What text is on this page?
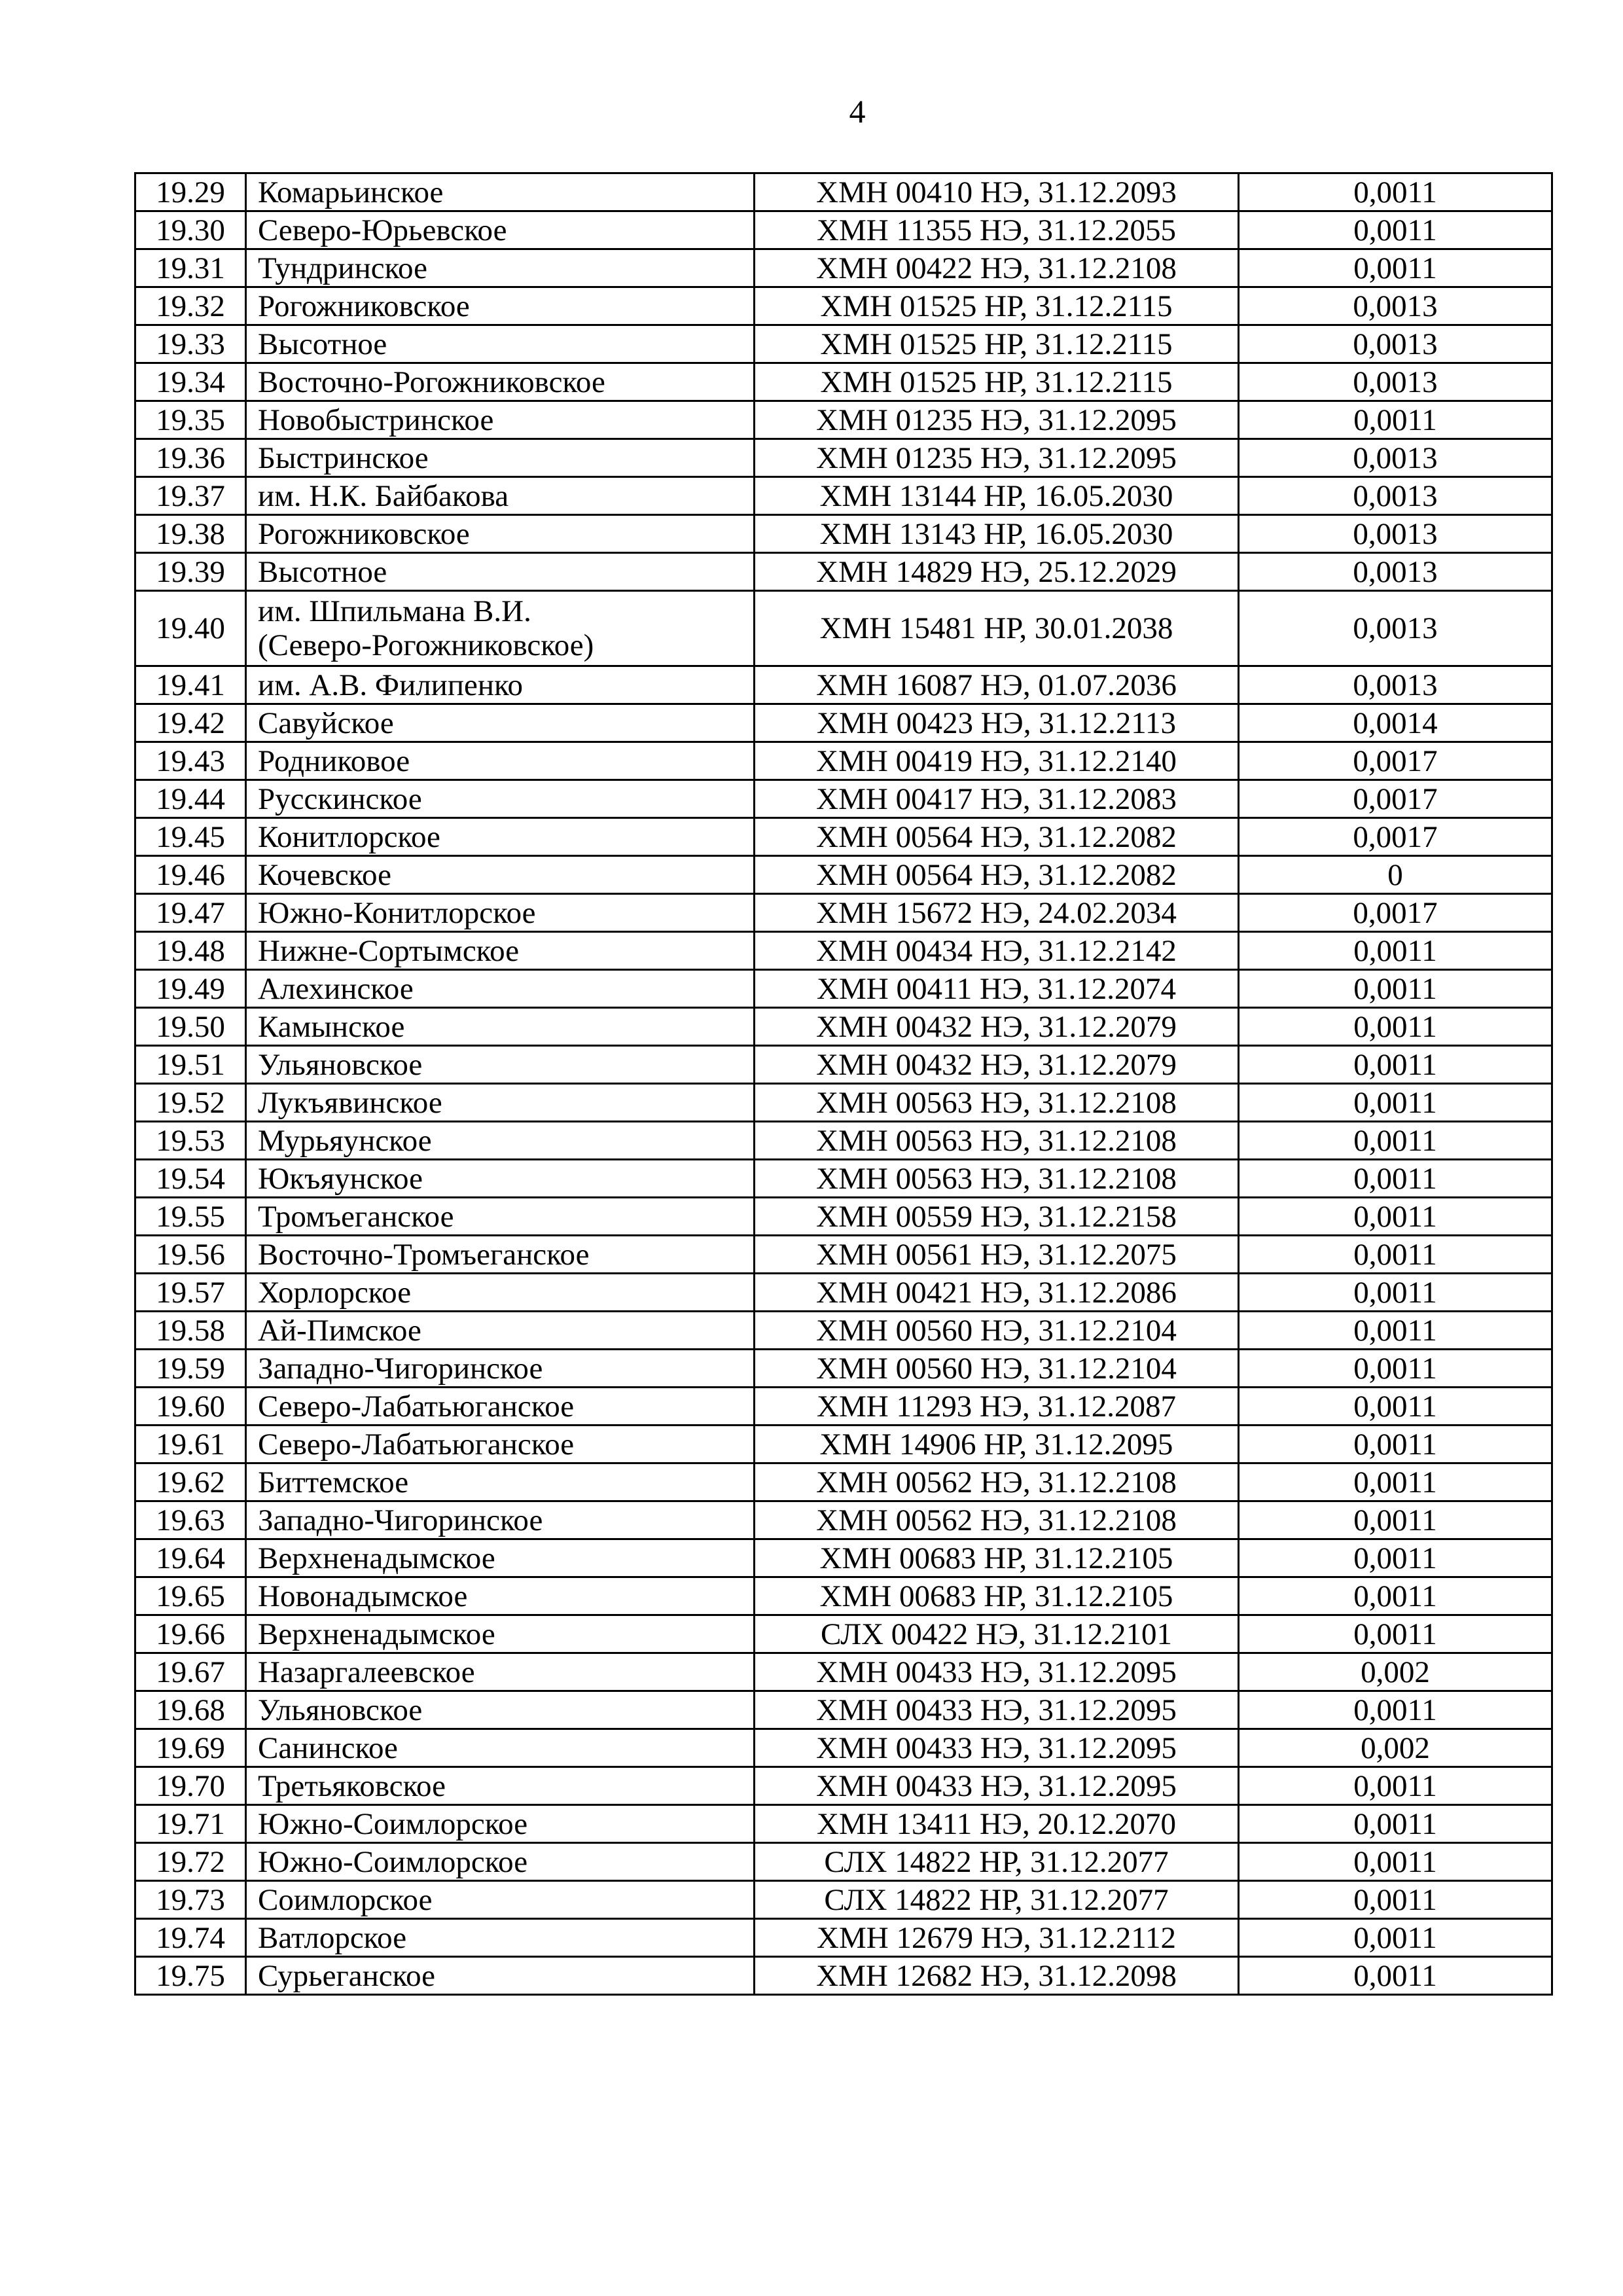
4
19.29	Комарьинское	ХМН 00410 НЭ, 31.12.2093	0,0011
19.30	Северо-Юрьевское	ХМН 11355 НЭ, 31.12.2055	0,0011
19.31	Тундринское	ХМН 00422 НЭ, 31.12.2108	0,0011
19.32	Рогожниковское	ХМН 01525 НР, 31.12.2115	0,0013
19.33	Высотное	ХМН 01525 НР, 31.12.2115	0,0013
19.34	Восточно-Рогожниковское	ХМН 01525 НР, 31.12.2115	0,0013
19.35	Новобыстринское	ХМН 01235 НЭ, 31.12.2095	0,0011
19.36	Быстринское	ХМН 01235 НЭ, 31.12.2095	0,0013
19.37	им. Н.К. Байбакова	ХМН 13144 НР, 16.05.2030	0,0013
19.38	Рогожниковское	ХМН 13143 НР, 16.05.2030	0,0013
19.39	Высотное	ХМН 14829 НЭ, 25.12.2029	0,0013
19.40	им. Шпильмана В.И.
(Северо-Рогожниковское)	ХМН 15481 НР, 30.01.2038	0,0013
19.41	им. А.В. Филипенко	ХМН 16087 НЭ, 01.07.2036	0,0013
19.42	Савуйское	ХМН 00423 НЭ, 31.12.2113	0,0014
19.43	Родниковое	ХМН 00419 НЭ, 31.12.2140	0,0017
19.44	Русскинское	ХМН 00417 НЭ, 31.12.2083	0,0017
19.45	Конитлорское	ХМН 00564 НЭ, 31.12.2082	0,0017
19.46	Кочевское	ХМН 00564 НЭ, 31.12.2082	0
19.47	Южно-Конитлорское	ХМН 15672 НЭ, 24.02.2034	0,0017
19.48	Нижне-Сортымское	ХМН 00434 НЭ, 31.12.2142	0,0011
19.49	Алехинское	ХМН 00411 НЭ, 31.12.2074	0,0011
19.50	Камынское	ХМН 00432 НЭ, 31.12.2079	0,0011
19.51	Ульяновское	ХМН 00432 НЭ, 31.12.2079	0,0011
19.52	Лукъявинское	ХМН 00563 НЭ, 31.12.2108	0,0011
19.53	Мурьяунское	ХМН 00563 НЭ, 31.12.2108	0,0011
19.54	Юкъяунское	ХМН 00563 НЭ, 31.12.2108	0,0011
19.55	Тромъеганское	ХМН 00559 НЭ, 31.12.2158	0,0011
19.56	Восточно-Тромъеганское	ХМН 00561 НЭ, 31.12.2075	0,0011
19.57	Хорлорское	ХМН 00421 НЭ, 31.12.2086	0,0011
19.58	Ай-Пимское	ХМН 00560 НЭ, 31.12.2104	0,0011
19.59	Западно-Чигоринское	ХМН 00560 НЭ, 31.12.2104	0,0011
19.60	Северо-Лабатьюганское	ХМН 11293 НЭ, 31.12.2087	0,0011
19.61	Северо-Лабатьюганское	ХМН 14906 НР, 31.12.2095	0,0011
19.62	Биттемское	ХМН 00562 НЭ, 31.12.2108	0,0011
19.63	Западно-Чигоринское	ХМН 00562 НЭ, 31.12.2108	0,0011
19.64	Верхненадымское	ХМН 00683 НР, 31.12.2105	0,0011
19.65	Новонадымское	ХМН 00683 НР, 31.12.2105	0,0011
19.66	Верхненадымское	СЛХ 00422 НЭ, 31.12.2101	0,0011
19.67	Назаргалеевское	ХМН 00433 НЭ, 31.12.2095	0,002
19.68	Ульяновское	ХМН 00433 НЭ, 31.12.2095	0,0011
19.69	Санинское	ХМН 00433 НЭ, 31.12.2095	0,002
19.70	Третьяковское	ХМН 00433 НЭ, 31.12.2095	0,0011
19.71	Южно-Соимлорское	ХМН 13411 НЭ, 20.12.2070	0,0011
19.72	Южно-Соимлорское	СЛХ 14822 НР, 31.12.2077	0,0011
19.73	Соимлорское	СЛХ 14822 НР, 31.12.2077	0,0011
19.74	Ватлорское	ХМН 12679 НЭ, 31.12.2112	0,0011
19.75	Сурьеганское	ХМН 12682 НЭ, 31.12.2098	0,0011
